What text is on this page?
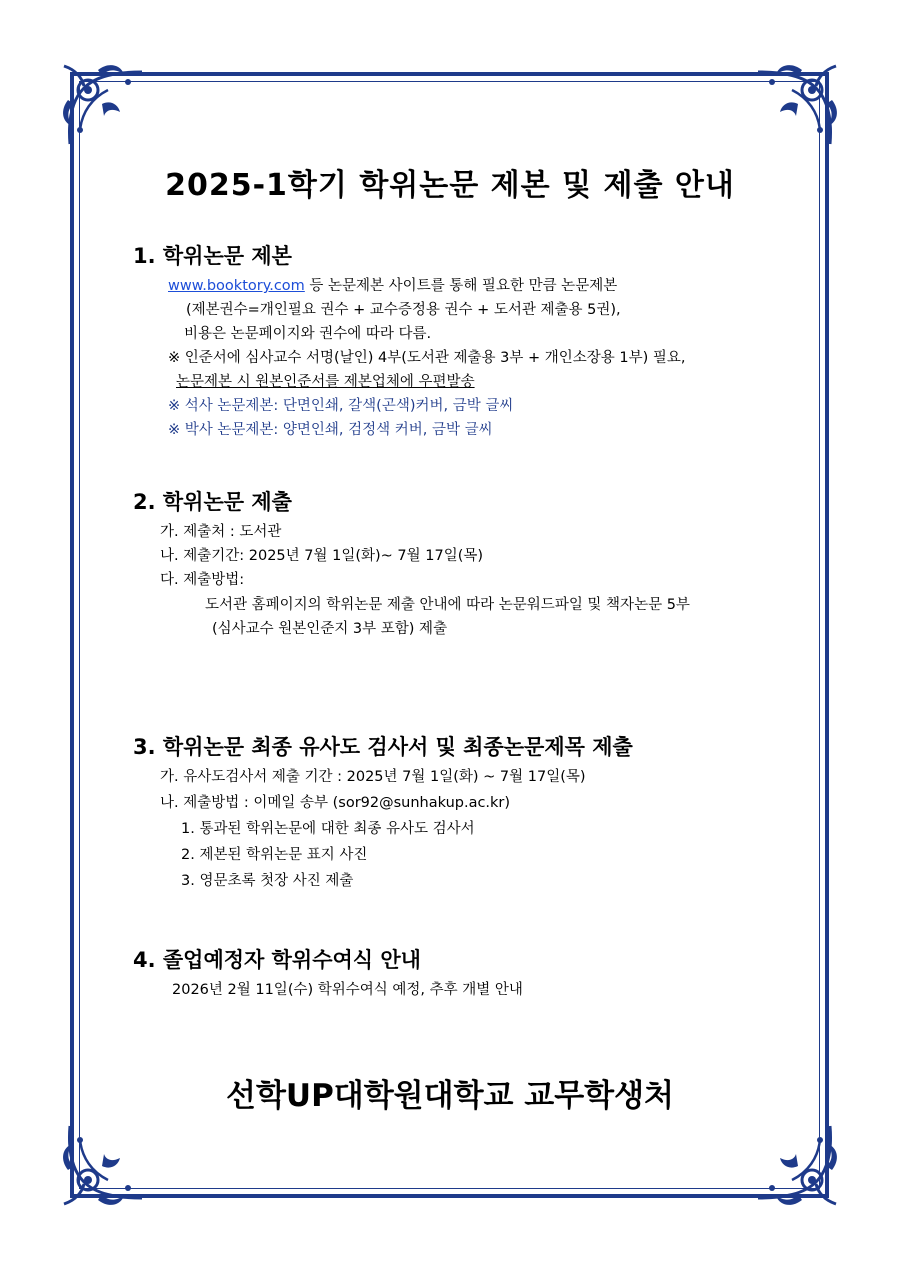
2025-1학기 학위논문 제본 및 제출 안내
1. 학위논문 제본
www.booktory.com 등 논문제본 사이트를 통해 필요한 만큼 논문제본
(제본권수=개인필요 권수 + 교수증정용 권수 + 도서관 제출용 5권),
비용은 논문페이지와 권수에 따라 다름.
※ 인준서에 심사교수 서명(날인) 4부(도서관 제출용 3부 + 개인소장용 1부) 필요,
논문제본 시 원본인준서를 제본업체에 우편발송
※ 석사 논문제본: 단면인쇄, 갈색(곤색)커버, 금박 글씨
※ 박사 논문제본: 양면인쇄, 검정색 커버, 금박 글씨
2. 학위논문 제출
가. 제출처 : 도서관
나. 제출기간: 2025년 7월 1일(화)~ 7월 17일(목)
다. 제출방법:
도서관 홈페이지의 학위논문 제출 안내에 따라 논문워드파일 및 책자논문 5부
(심사교수 원본인준지 3부 포함) 제출
3. 학위논문 최종 유사도 검사서 및 최종논문제목 제출
가. 유사도검사서 제출 기간 : 2025년 7월 1일(화) ~ 7월 17일(목)
나. 제출방법 : 이메일 송부 (sor92@sunhakup.ac.kr)
1. 통과된 학위논문에 대한 최종 유사도 검사서
2. 제본된 학위논문 표지 사진
3. 영문초록 첫장 사진 제출
4. 졸업예정자 학위수여식 안내
2026년 2월 11일(수) 학위수여식 예정, 추후 개별 안내
선학UP대학원대학교 교무학생처
